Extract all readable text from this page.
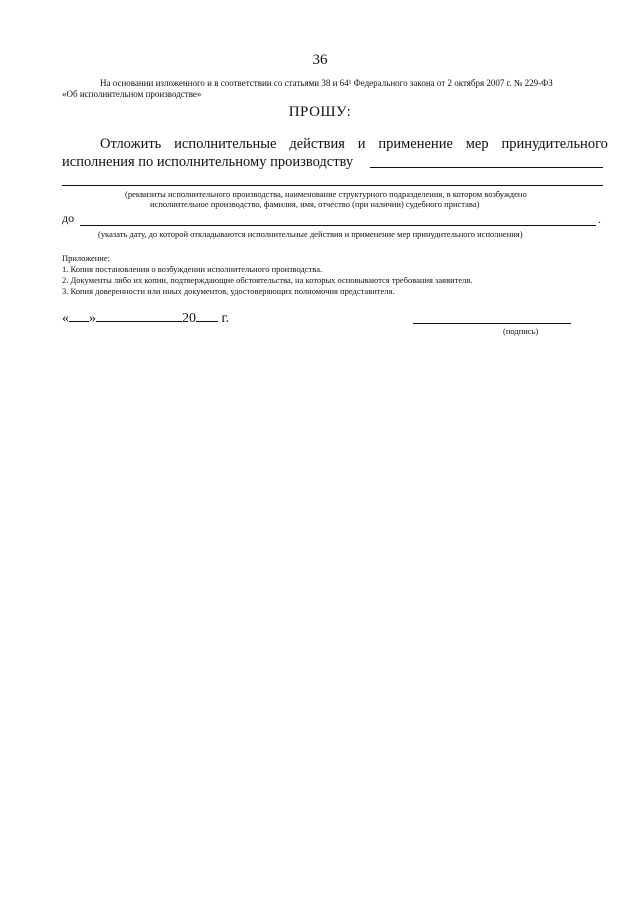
36
На основании изложенного и в соответствии со статьями 38 и 64¹ Федерального закона от 2 октября 2007 г. № 229-ФЗ
«Об исполнительном производстве»
ПРОШУ:
Отложить исполнительные действия и применение мер принудительного
исполнения по исполнительному производству
(реквизиты исполнительного производства, наименование структурного подразделения, в котором возбуждено
исполнительное производство, фамилия, имя, отчество (при наличии) судебного пристава)
до	.
(указать дату, до которой откладываются исполнительные действия и применение мер принудительного исполнения)
Приложение:
1. Копия постановления о возбуждении исполнительного производства.
2. Документы либо их копии, подтверждающие обстоятельства, на которых основываются требования заявителя.
3. Копия доверенности или иных документов, удостоверяющих полномочия представителя.
« »	20 г.
(подпись)
